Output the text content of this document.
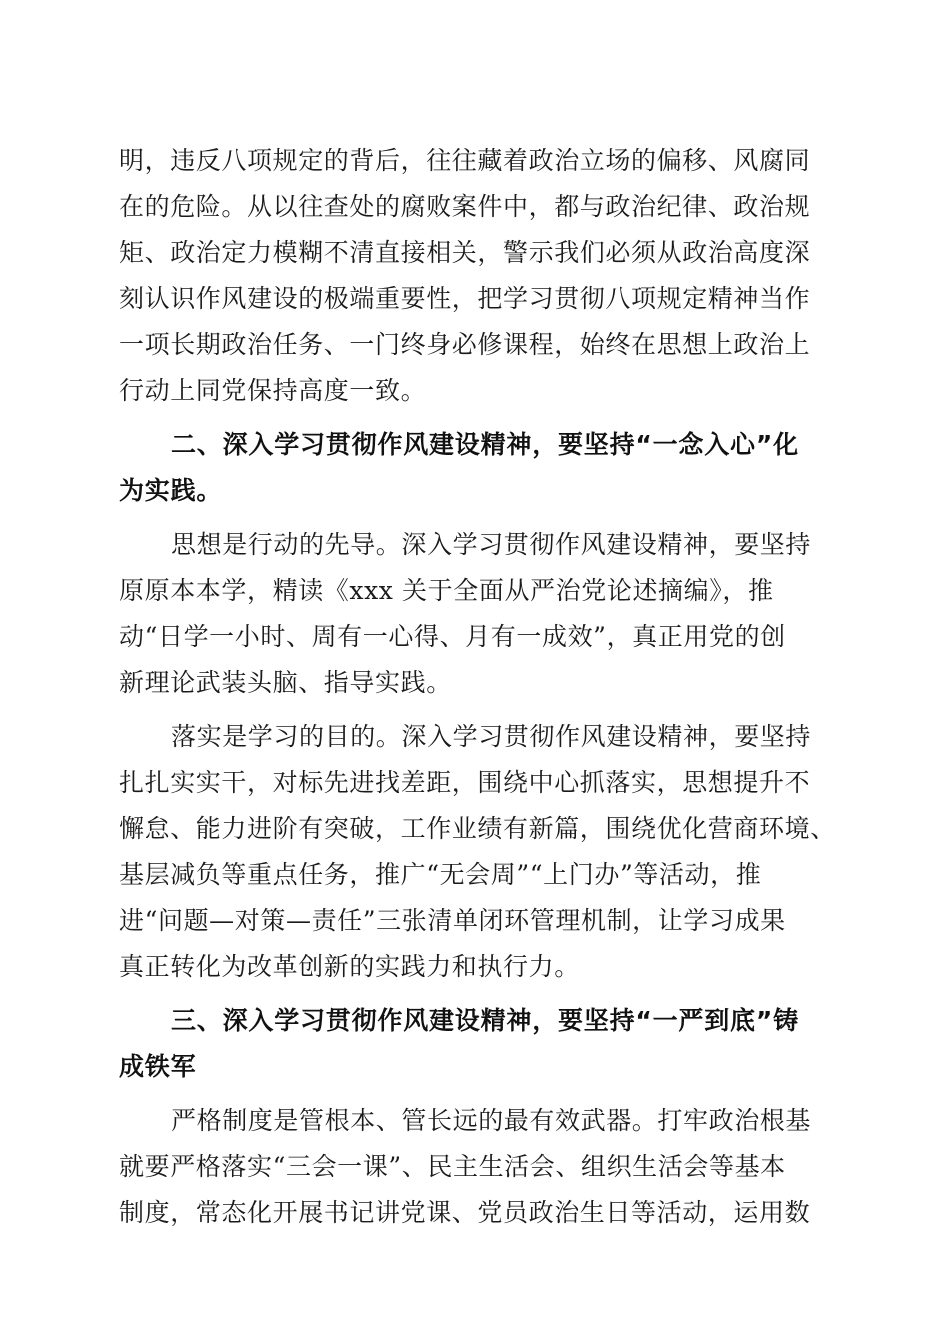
明，违反八项规定的背后，往往藏着政治立场的偏移、风腐同
在的危险。从以往查处的腐败案件中，都与政治纪律、政治规
矩、政治定力模糊不清直接相关，警示我们必须从政治高度深
刻认识作风建设的极端重要性，把学习贯彻八项规定精神当作
一项长期政治任务、一门终身必修课程，始终在思想上政治上
行动上同党保持高度一致。
二、深入学习贯彻作风建设精神，要坚持“一念入心”化
为实践。
思想是行动的先导。深入学习贯彻作风建设精神，要坚持
原原本本学，精读《xxx 关于全面从严治党论述摘编》，推
动“日学一小时、周有一心得、月有一成效”，真正用党的创
新理论武装头脑、指导实践。
落实是学习的目的。深入学习贯彻作风建设精神，要坚持
扎扎实实干，对标先进找差距，围绕中心抓落实，思想提升不
懈怠、能力进阶有突破，工作业绩有新篇，围绕优化营商环境、
基层减负等重点任务，推广“无会周”“上门办”等活动，推
进“问题—对策—责任”三张清单闭环管理机制，让学习成果
真正转化为改革创新的实践力和执行力。
三、深入学习贯彻作风建设精神，要坚持“一严到底”铸
成铁军
严格制度是管根本、管长远的最有效武器。打牢政治根基
就要严格落实“三会一课”、民主生活会、组织生活会等基本
制度，常态化开展书记讲党课、党员政治生日等活动，运用数
